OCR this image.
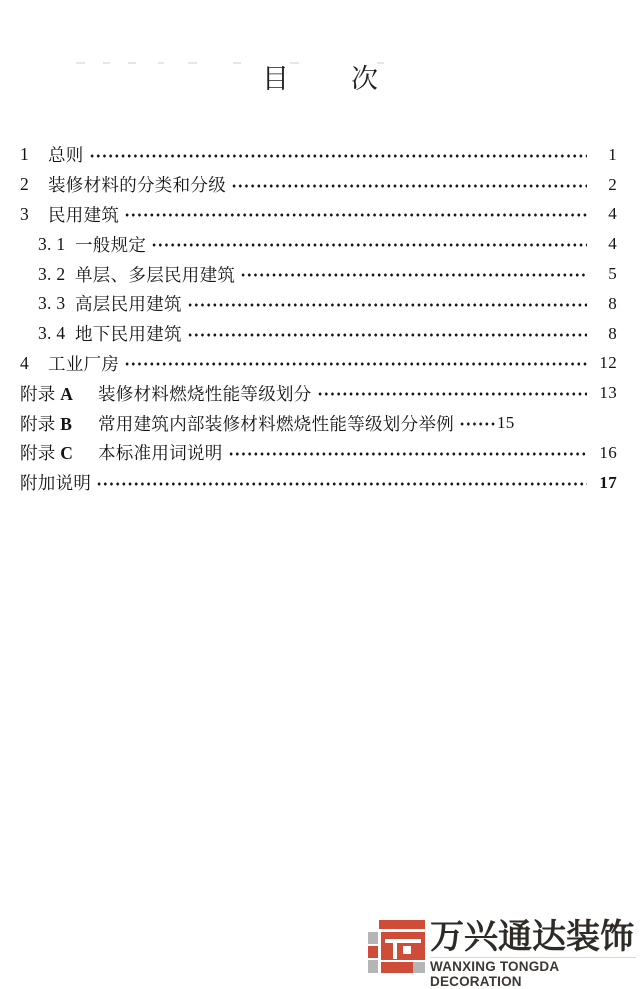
目 次
1	总则	1
2	装修材料的分类和分级	2
3	民用建筑	4
3. 1 一般规定	4
3. 2 单层、多层民用建筑	5
3. 3 高层民用建筑	8
3. 4 地下民用建筑	8
4	工业厂房	12
附录 A	装修材料燃烧性能等级划分	13
附录 B	常用建筑内部装修材料燃烧性能等级划分举例	15
附录 C	本标准用词说明	16
附加说明	17
万兴通达装饰
WANXING TONGDA DECORATION
